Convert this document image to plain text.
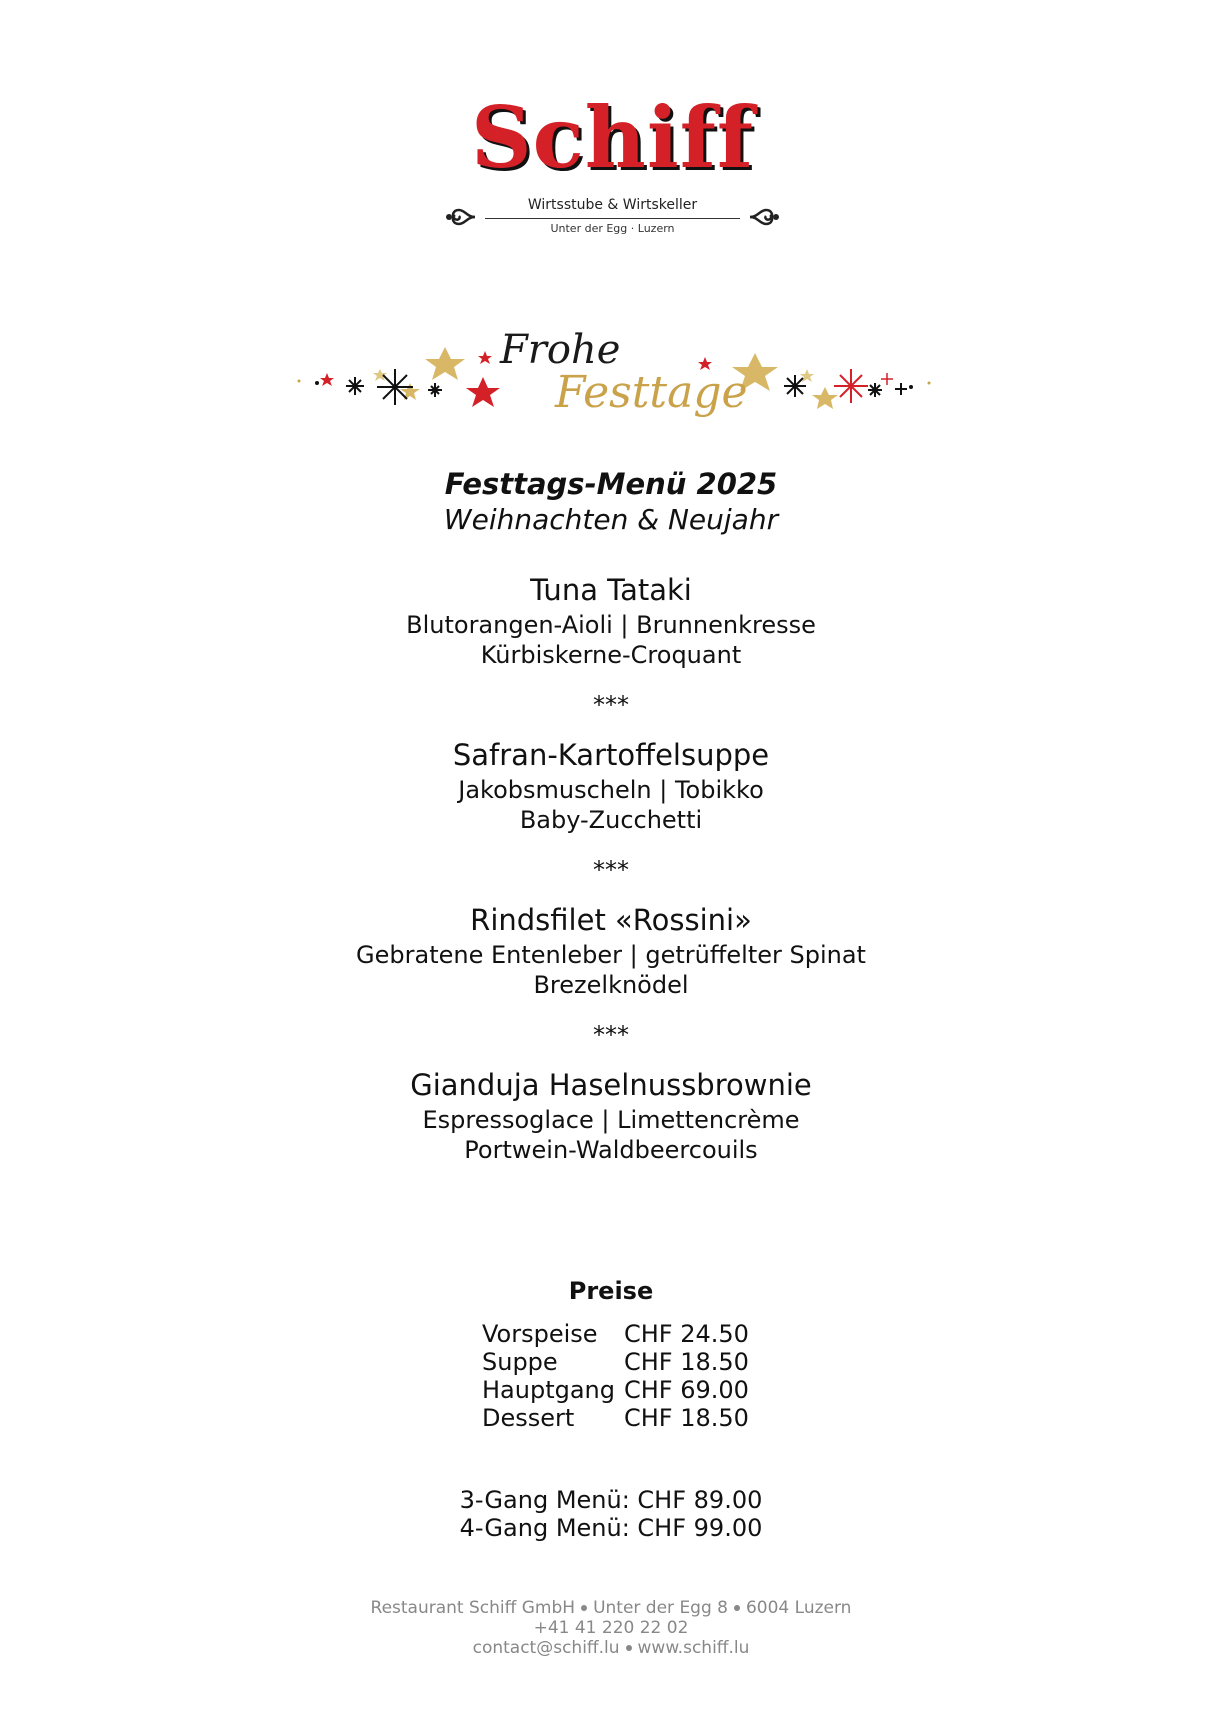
Schiff
Wirtsstube & Wirtskeller
Unter der Egg · Luzern
Frohe
Festtage
Festtags-Menü 2025
Weihnachten & Neujahr
Tuna Tataki
Blutorangen-Aioli | Brunnenkresse
Kürbiskerne-Croquant
***
Safran-Kartoffelsuppe
Jakobsmuscheln | Tobikko
Baby-Zucchetti
***
Rindsfilet «Rossini»
Gebratene Entenleber | getrüffelter Spinat
Brezelknödel
***
Gianduja Haselnussbrownie
Espressoglace | Limettencrème
Portwein-Waldbeercouils
Preise
Vorspeise	CHF 24.50
Suppe	CHF 18.50
Hauptgang CHF 69.00
Dessert	CHF 18.50
3-Gang Menü: CHF 89.00
4-Gang Menü: CHF 99.00
Restaurant Schiff GmbH Unter der Egg 8 6004 Luzern
+41 41 220 22 02
contact@schiff.lu www.schiff.lu
